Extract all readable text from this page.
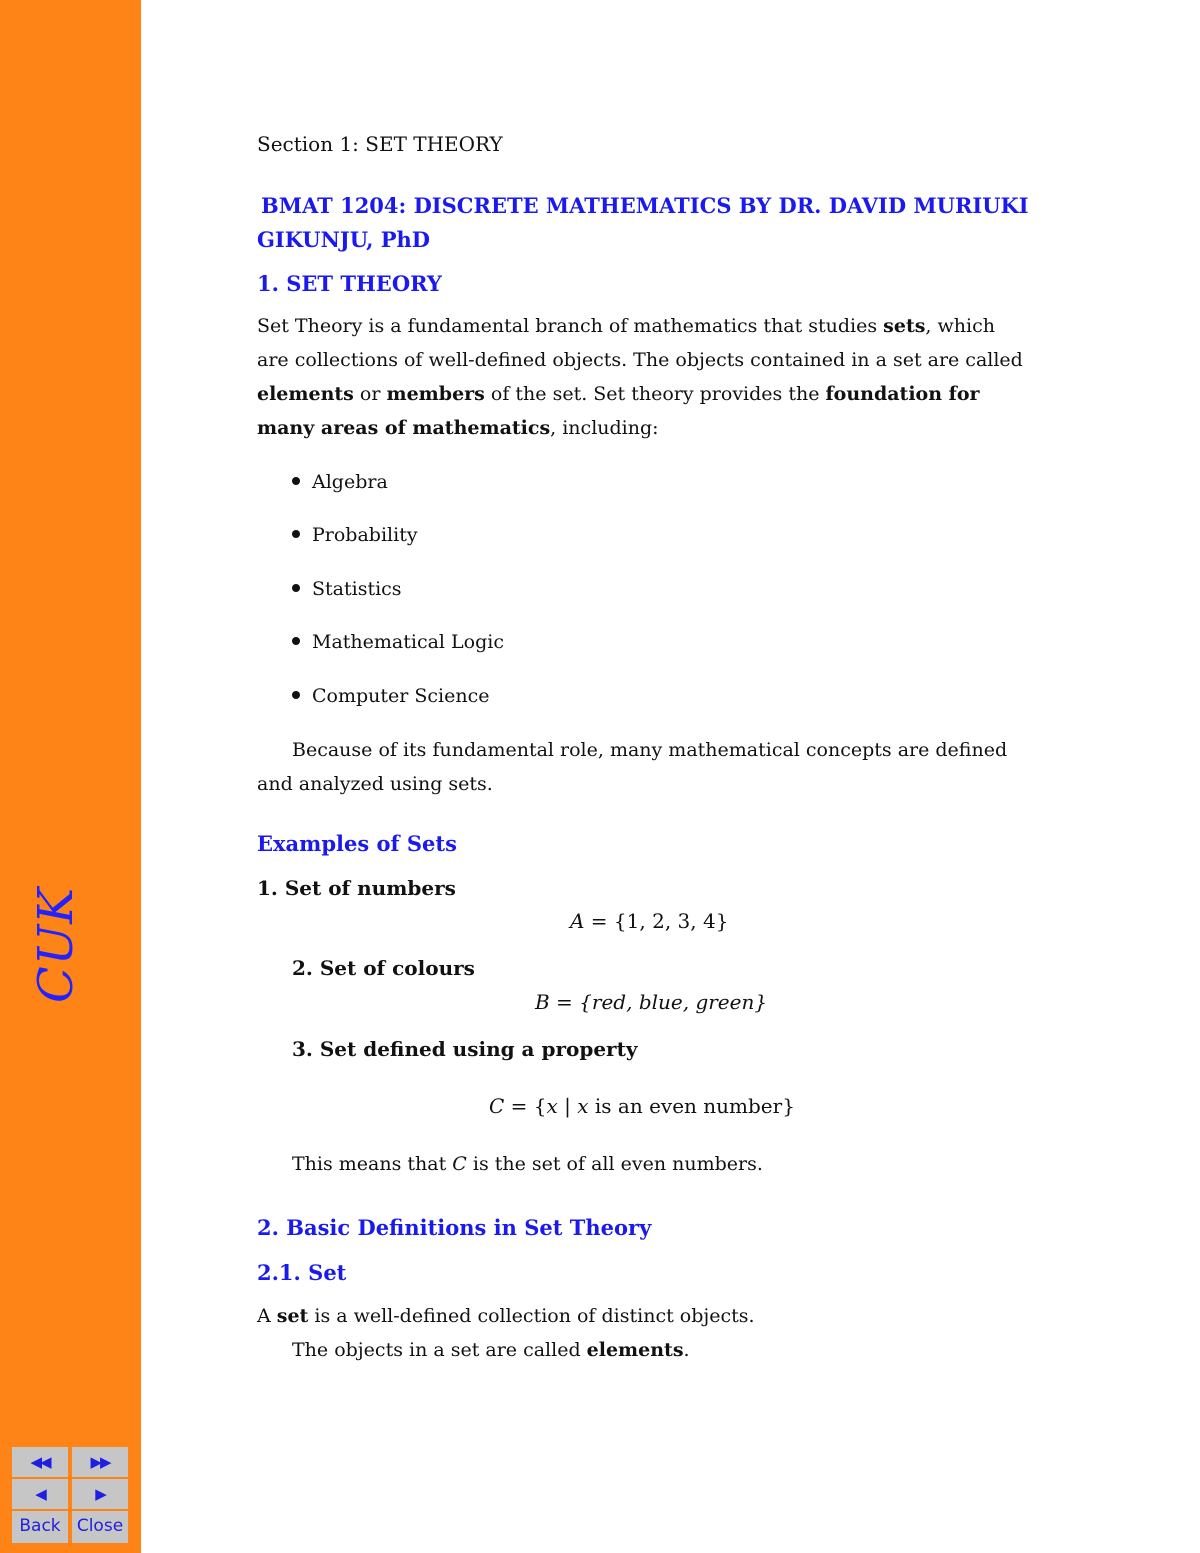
CUK
◀◀	▶▶
◀	▶
Back Close
Section 1: SET THEORY
BMAT 1204: DISCRETE MATHEMATICS BY DR. DAVID MURIUKI
GIKUNJU, PhD
1. SET THEORY
Set Theory is a fundamental branch of mathematics that studies sets, which
are collections of well-defined objects. The objects contained in a set are called
elements or members of the set. Set theory provides the foundation for
many areas of mathematics, including:
Algebra
Probability
Statistics
Mathematical Logic
Computer Science
Because of its fundamental role, many mathematical concepts are defined
and analyzed using sets.
Examples of Sets
1. Set of numbers
A = {1, 2, 3, 4}
2. Set of colours
B = {red, blue, green}
3. Set defined using a property
C = {x | x is an even number}
This means that C is the set of all even numbers.
2. Basic Definitions in Set Theory
2.1. Set
A set is a well-defined collection of distinct objects.
The objects in a set are called elements.
